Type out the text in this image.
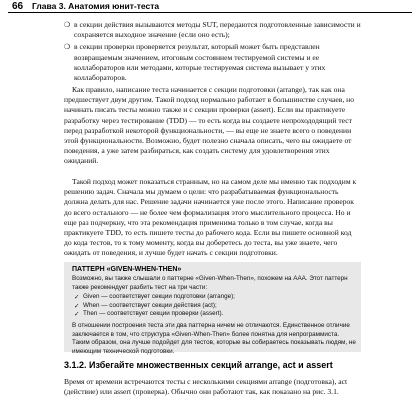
66 Глава 3. Анатомия юнит-теста
❍ в секции действия вызываются методы SUT, передаются подготовленные зависимости и сохраняется выходное значение (если оно есть);
❍ в секции проверки проверяется результат, который может быть представлен возвращаемым значением, итоговым состоянием тестируемой системы и ее коллабораторов или методами, которые тестируемая система вызывает у этих коллабораторов.

Как правило, написание теста начинается с секции подготовки (arrange), так как она предшествует двум другим. Такой подход нормально работает в большинстве случаев, но начинать писать тесты можно также и с секции проверки (assert). Если вы практикуете разработку через тестирование (TDD) — то есть когда вы создаете непрохододящий тест перед разработкой некоторой функциональности, — вы еще не знаете всего о поведении этой функциональности. Возможно, будет полезно сначала описать, чего вы ожидаете от поведения, а уже затем разбираться, как создать систему для удовлетворения этих ожиданий.

Такой подход может показаться странным, но на самом деле мы именно так подходим к решению задач. Сначала мы думаем о цели: что разрабатываемая функциональность должна делать для нас. Решение задачи начинается уже после этого. Написание проверок до всего остального — не более чем формализация этого мыслительного процесса. Но и еще раз подчеркну, что эта рекомендация применима только в том случае, когда вы практикуете TDD, то есть пишете тесты до рабочего кода. Если вы пишете основной код до кода тестов, то к тому моменту, когда вы доберетесь до теста, вы уже знаете, чего ожидать от поведения, и лучше будет начать с секции подготовки.

ПАТТЕРН «GIVEN-WHEN-THEN»
Возможно, вы также слышали о паттерне «Given-When-Then», похожем на AAA. Этот паттерн также рекомендует разбить тест на три части:
✓ Given — соответствует секции подготовки (arrange);
✓ When — соответствует секции действия (act);
✓ Then — соответствует секции проверки (assert).
В отношении построения теста эти два паттерна ничем не отличаются. Единственное отличие заключается в том, что структура «Given-When-Then» более понятна для непрограммиста. Таким образом, она лучше подойдет для тестов, которые вы собираетесь показывать людям, не имеющим технической подготовки.
3.1.2. Избегайте множественных секций arrange, act и assert

Время от времени встречаются тесты с несколькими секциями arrange (подготовка), act (действие) или assert (проверка). Обычно они работают так, как показано на рис. 3.1.
